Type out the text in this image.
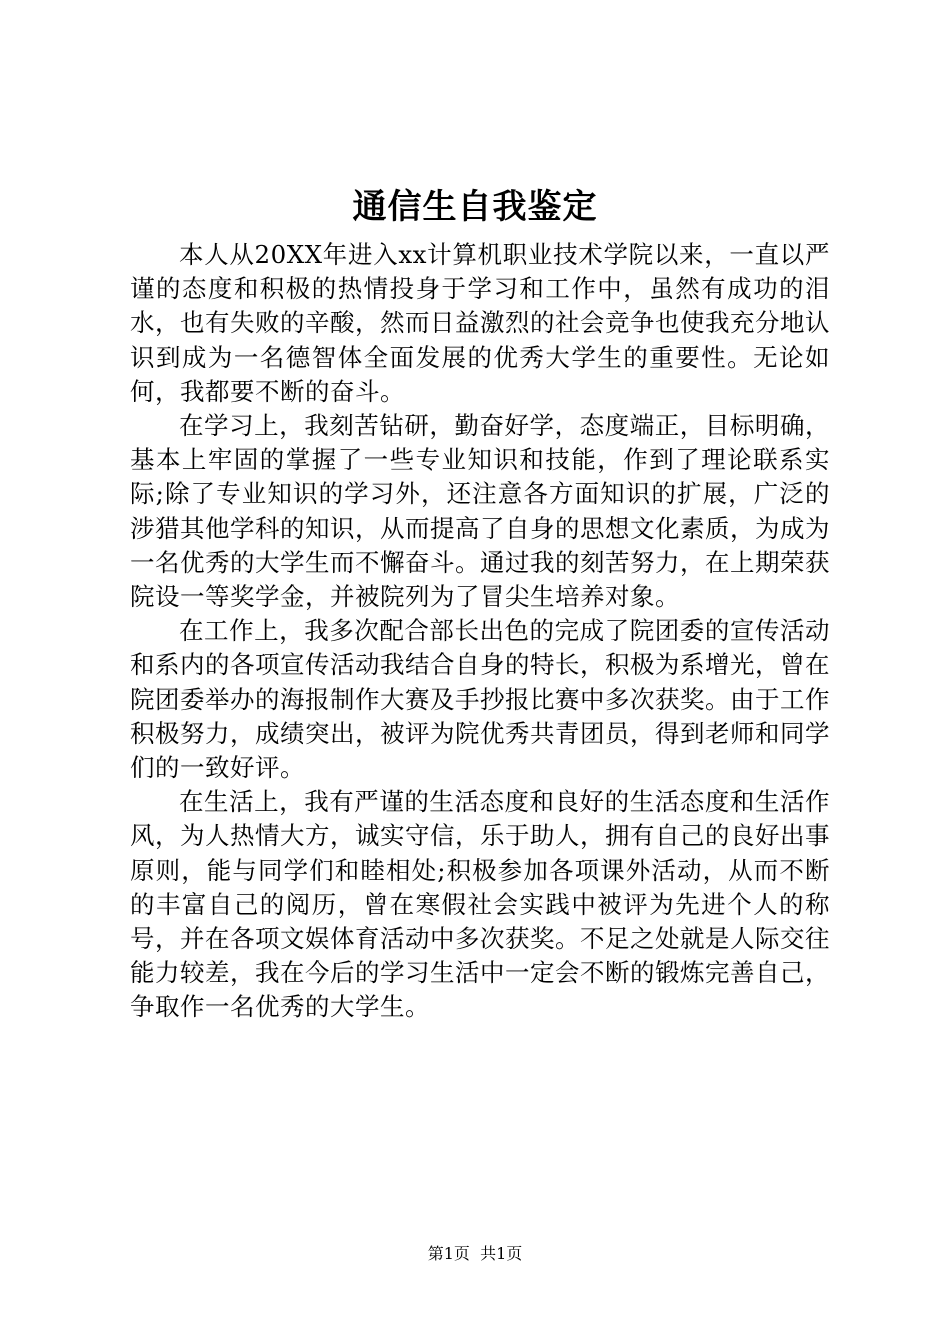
通信生自我鉴定

本人从20XX年进入xx计算机职业技术学院以来，一直以严谨的态度和积极的热情投身于学习和工作中，虽然有成功的泪水，也有失败的辛酸，然而日益激烈的社会竞争也使我充分地认识到成为一名德智体全面发展的优秀大学生的重要性。无论如何，我都要不断的奋斗。

在学习上，我刻苦钻研，勤奋好学，态度端正，目标明确，基本上牢固的掌握了一些专业知识和技能，作到了理论联系实际;除了专业知识的学习外，还注意各方面知识的扩展，广泛的涉猎其他学科的知识，从而提高了自身的思想文化素质，为成为一名优秀的大学生而不懈奋斗。通过我的刻苦努力，在上期荣获院设一等奖学金，并被院列为了冒尖生培养对象。

在工作上，我多次配合部长出色的完成了院团委的宣传活动和系内的各项宣传活动我结合自身的特长，积极为系增光，曾在院团委举办的海报制作大赛及手抄报比赛中多次获奖。由于工作积极努力，成绩突出，被评为院优秀共青团员，得到老师和同学们的一致好评。

在生活上，我有严谨的生活态度和良好的生活态度和生活作风，为人热情大方，诚实守信，乐于助人，拥有自己的良好出事原则，能与同学们和睦相处;积极参加各项课外活动，从而不断的丰富自己的阅历，曾在寒假社会实践中被评为先进个人的称号，并在各项文娱体育活动中多次获奖。不足之处就是人际交往能力较差，我在今后的学习生活中一定会不断的锻炼完善自己，争取作一名优秀的大学生。

第1页 共1页
